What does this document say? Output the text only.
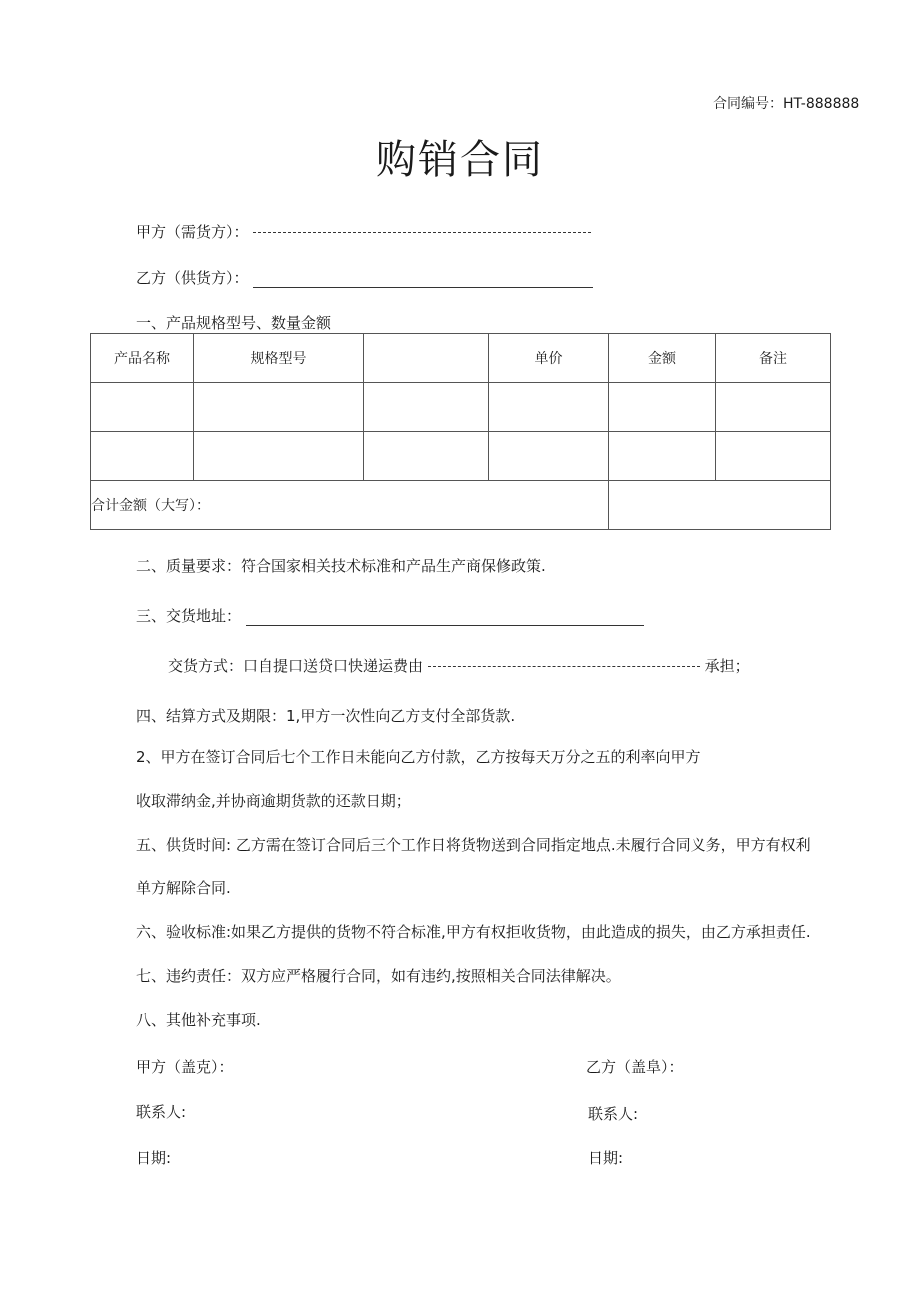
合同编号：HT-888888
购销合同
甲方（需货方）：
乙方（供货方）：
一、产品规格型号、数量金额
产品名称	规格型号		单价	金额	备注

合计金额（大写）：					
二、质量要求：符合国家相关技术标准和产品生产商保修政策.
三、交货地址：
交货方式：口自提口送贷口快递运费由	承担；
四、结算方式及期限：1,甲方一次性向乙方支付全部货款.
2、甲方在签订合同后七个工作日未能向乙方付款，乙方按每天万分之五的利率向甲方
收取滞纳金,并协商逾期货款的还款日期；
五、供货时间: 乙方需在签订合同后三个工作日将货物送到合同指定地点.未履行合同义务，甲方有权利
单方解除合同.
六、验收标准:如果乙方提供的货物不符合标准,甲方有权拒收货物，由此造成的损失，由乙方承担责任.
七、违约责任：双方应严格履行合同，如有违约,按照相关合同法律解决。
八、其他补充事项.
甲方（盖克）：	乙方（盖阜）：
联系人:	联系人:
日期:	日期:
